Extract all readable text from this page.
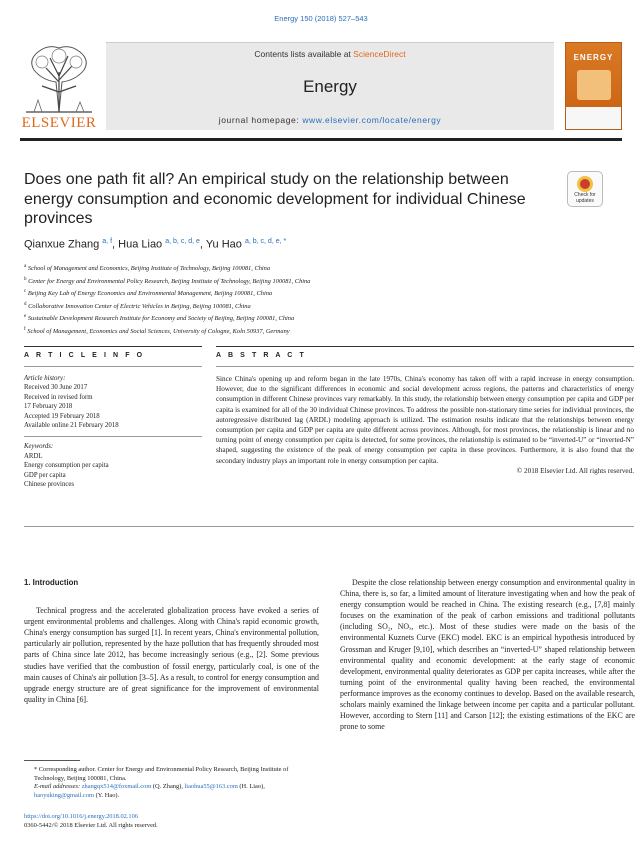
Energy 150 (2018) 527–543
ELSEVIER
Contents lists available at ScienceDirect
Energy
journal homepage: www.elsevier.com/locate/energy
ENERGY
Does one path fit all? An empirical study on the relationship between energy consumption and economic development for individual Chinese provinces
Check for updates
Qianxue Zhang $^{a, f}$, Hua Liao $^{a, b, c, d, e}$, Yu Hao $^{a, b, c, d, e, *}$
$^a$ School of Management and Economics, Beijing Institute of Technology, Beijing 100081, China
$^b$ Center for Energy and Environmental Policy Research, Beijing Institute of Technology, Beijing 100081, China
$^c$ Beijing Key Lab of Energy Economics and Environmental Management, Beijing 100081, China
$^d$ Collaborative Innovation Center of Electric Vehicles in Beijing, Beijing 100081, China
$^e$ Sustainable Development Research Institute for Economy and Society of Beijing, Beijing 100081, China
$^f$ School of Management, Economics and Social Sciences, University of Cologne, Koln 50937, Germany
A R T I C L E I N F O	A B S T R A C T
Article history:
Received 30 June 2017
Received in revised form
17 February 2018
Accepted 19 February 2018
Available online 21 February 2018
Keywords:
ARDL
Energy consumption per capita
GDP per capita
Chinese provinces
Since China's opening up and reform began in the late 1970s, China's economy has taken off with a rapid increase in energy consumption. However, due to the significant differences in economic and social development across regions, the patterns and characteristics of energy consumption in different Chinese provinces vary remarkably. In this study, the relationship between energy consumption per capita and GDP per capita is examined for all of the 30 individual Chinese provinces. To address the possible non-stationary time series for individual provinces, the autoregressive distributed lag (ARDL) modeling approach is utilized. The estimation results indicate that the relationships between energy consumption per capita and GDP per capita are quite different across provinces. Although, for most provinces, the relationship is linear and no turning point of energy consumption per capita is detected, for some provinces, the relationship is estimated to be “inverted-U” or “inverted-N” shaped, suggesting the existence of the peak of energy consumption per capita in these provinces. Furthermore, it is also found that the secondary industry plays an important role in energy consumption per capita.
© 2018 Elsevier Ltd. All rights reserved.
1. Introduction

Technical progress and the accelerated globalization process have evoked a series of urgent environmental problems and challenges. Along with China's rapid economic growth, China's energy consumption has surged [1]. In recent years, China's environmental pollution, particularly air pollution, represented by the haze pollution that has frequently shrouded most parts of China since late 2012, has become increasingly serious (e.g., [2]. Some previous studies have verified that the combustion of fossil energy, particularly coal, is one of the main causes of China's air pollution [3–5]. As a result, to control for energy consumption and upgrade energy structure are of great significance for the improvement of environmental quality in China [6].

Despite the close relationship between energy consumption and environmental quality in China, there is, so far, a limited amount of literature investigating when and how the peak of energy consumption would be reached in China. The existing research (e.g., [7,8] mainly focuses on the examination of the peak of carbon emissions and traditional pollutants (including SO₂, NOₓ, etc.). Most of these studies were made on the basis of the environmental Kuznets Curve (EKC) model. EKC is an empirical hypothesis introduced by Grossman and Kruger [9,10], which describes an “inverted-U” shaped relationship between environmental quality and economic development: at the early stage of economic development, environmental quality deteriorates as GDP per capita increases, while after the turning point of the environmental quality having been reached, the environmental performance improves as the economy continues to develop. Based on the available research, scholars mainly examined the linkage between income per capita and a particular pollutant. However, according to Stern [11] and Carson [12]; the existing estimations of the EKC are prone to some

* Corresponding author. Center for Energy and Environmental Policy Research, Beijing Institute of Technology, Beijing 100081, China.
E-mail addresses: zhangqx514@foxmail.com (Q. Zhang), liaohua55@163.com (H. Liao), haoyuking@gmail.com (Y. Hao).
https://doi.org/10.1016/j.energy.2018.02.106
0360-5442/© 2018 Elsevier Ltd. All rights reserved.
